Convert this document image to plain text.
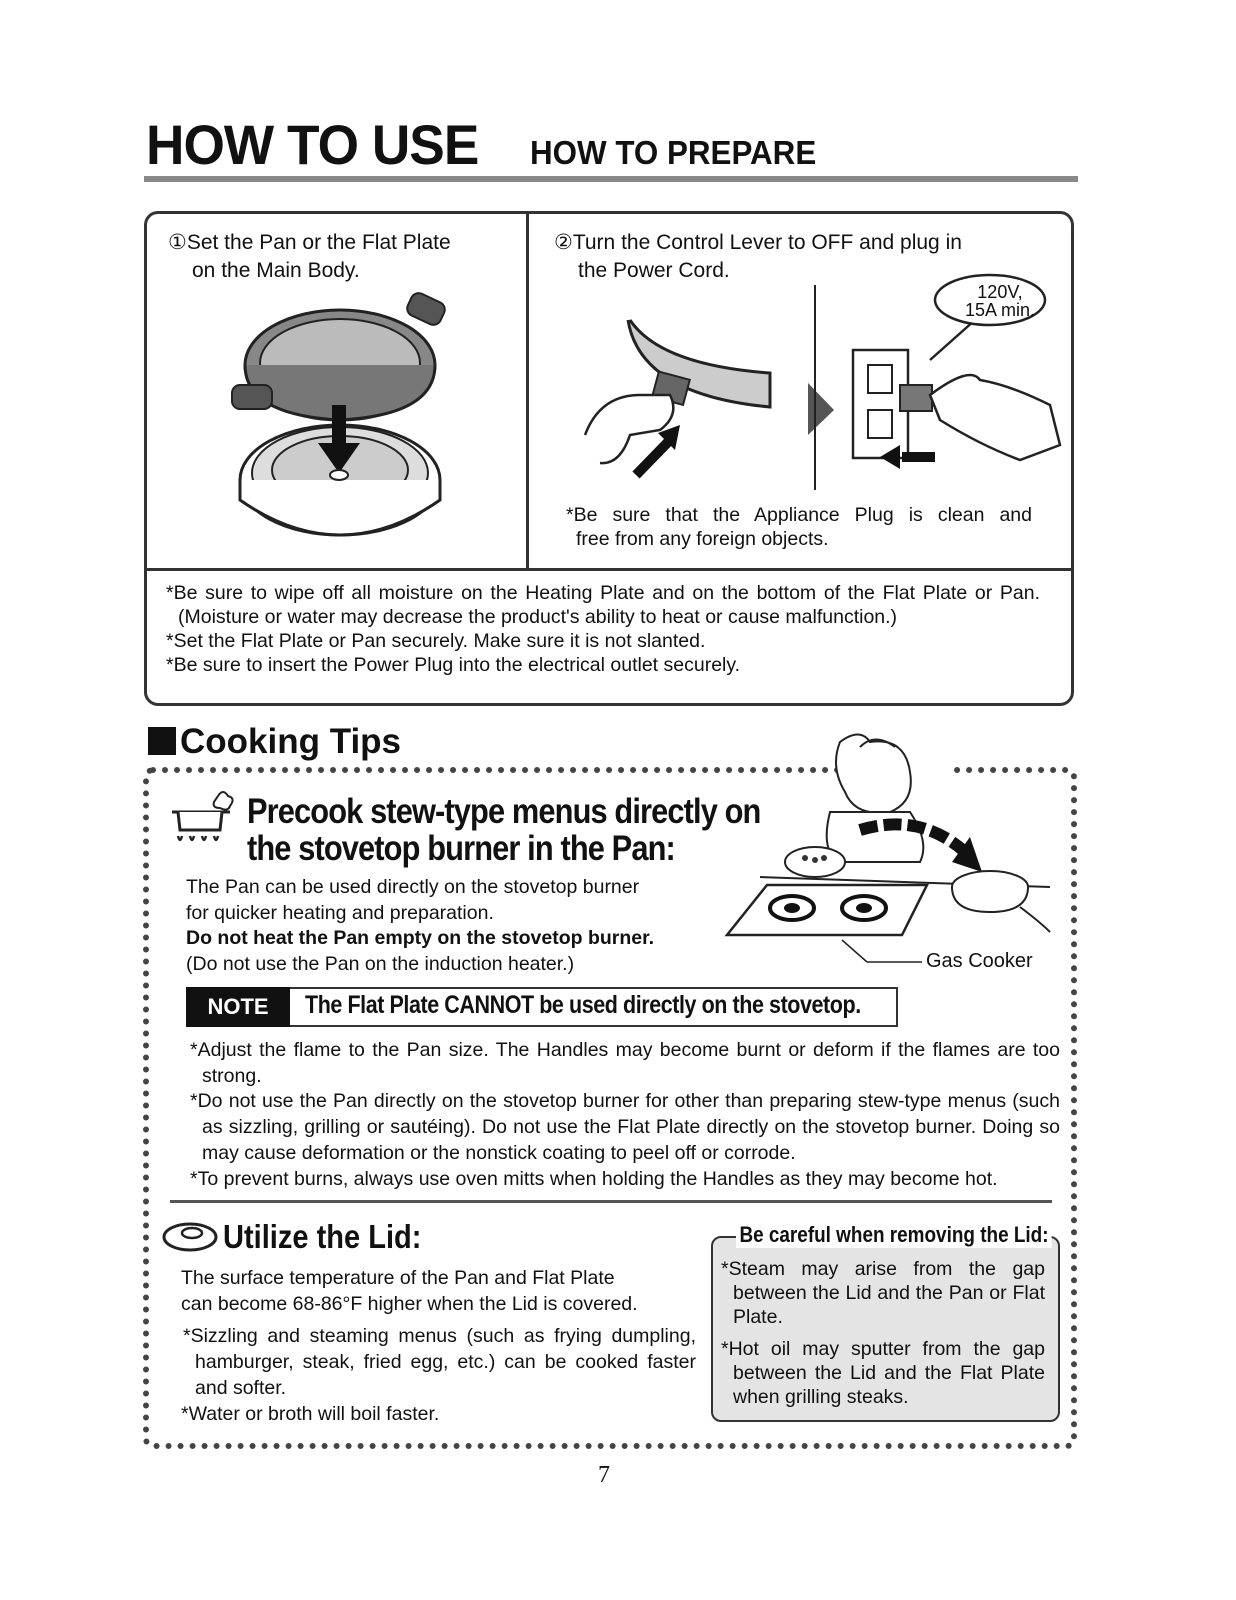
HOW TO USE HOW TO PREPARE
①Set the Pan or the Flat Plate
on the Main Body.
②Turn the Control Lever to OFF and plug in
the Power Cord.
120V,
15A min.
*Be sure that the Appliance Plug is clean and
free from any foreign objects.
*Be sure to wipe off all moisture on the Heating Plate and on the bottom of the Flat Plate or Pan. (Moisture or water may decrease the product's ability to heat or cause malfunction.)
*Set the Flat Plate or Pan securely. Make sure it is not slanted.
*Be sure to insert the Power Plug into the electrical outlet securely.
Cooking Tips
Gas Cooker
Precook stew-type menus directly on
the stovetop burner in the Pan:
The Pan can be used directly on the stovetop burner
for quicker heating and preparation.
Do not heat the Pan empty on the stovetop burner.
(Do not use the Pan on the induction heater.)
NOTE	The Flat Plate CANNOT be used directly on the stovetop.
*Adjust the flame to the Pan size. The Handles may become burnt or deform if the flames are too strong.
*Do not use the Pan directly on the stovetop burner for other than preparing stew-type menus (such as sizzling, grilling or sautéing). Do not use the Flat Plate directly on the stovetop burner. Doing so may cause deformation or the nonstick coating to peel off or corrode.
*To prevent burns, always use oven mitts when holding the Handles as they may become hot.
Utilize the Lid:
The surface temperature of the Pan and Flat Plate
can become 68-86°F higher when the Lid is covered.
*Sizzling and steaming menus (such as frying dumpling, hamburger, steak, fried egg, etc.) can be cooked faster and softer.
*Water or broth will boil faster.
Be careful when removing the Lid:
*Steam may arise from the gap between the Lid and the Pan or Flat Plate.
*Hot oil may sputter from the gap between the Lid and the Flat Plate when grilling steaks.
7
